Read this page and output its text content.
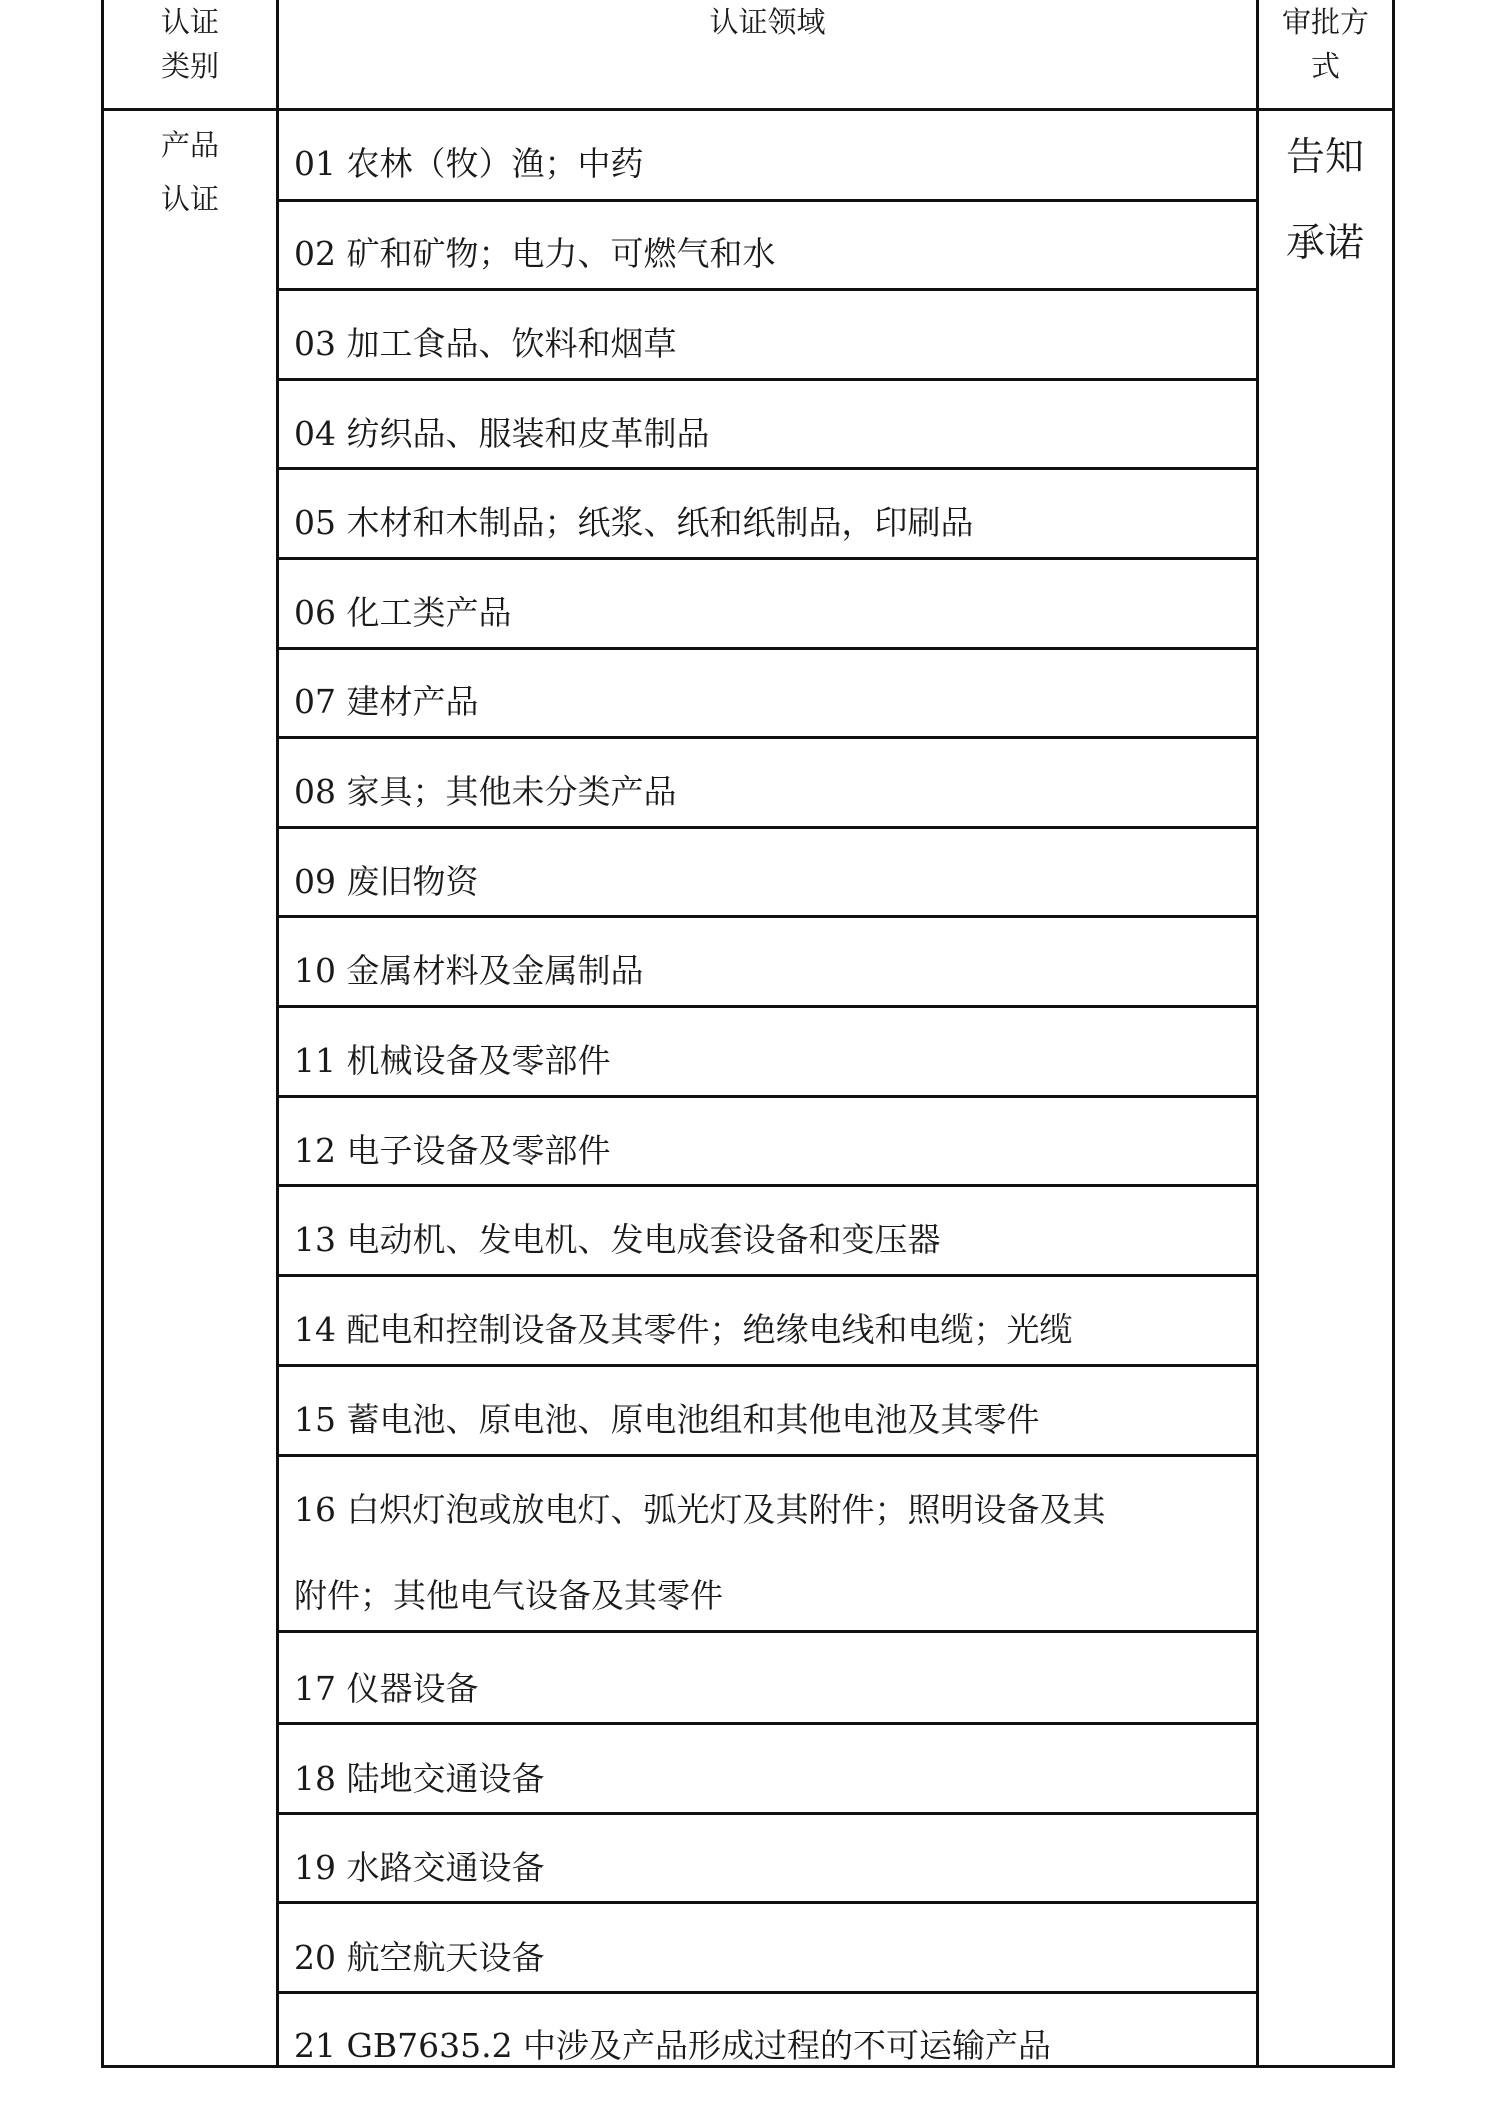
认证
类别
认证领域	审批方
式
产品
认证
告知
承诺
01 农林（牧）渔；中药
02 矿和矿物；电力、可燃气和水
03 加工食品、饮料和烟草
04 纺织品、服装和皮革制品
05 木材和木制品；纸浆、纸和纸制品，印刷品
06 化工类产品
07 建材产品
08 家具；其他未分类产品
09 废旧物资
10 金属材料及金属制品
11 机械设备及零部件
12 电子设备及零部件
13 电动机、发电机、发电成套设备和变压器
14 配电和控制设备及其零件；绝缘电线和电缆；光缆
15 蓄电池、原电池、原电池组和其他电池及其零件
16 白炽灯泡或放电灯、弧光灯及其附件；照明设备及其
附件；其他电气设备及其零件
17 仪器设备
18 陆地交通设备
19 水路交通设备
20 航空航天设备
21 GB7635.2 中涉及产品形成过程的不可运输产品
